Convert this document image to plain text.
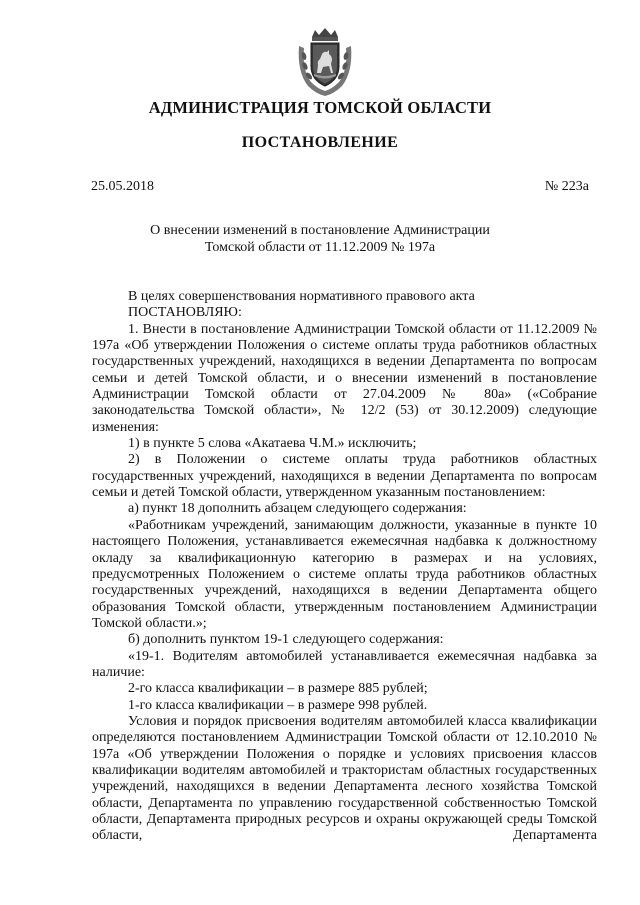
АДМИНИСТРАЦИЯ ТОМСКОЙ ОБЛАСТИ
ПОСТАНОВЛЕНИЕ
25.05.2018	№ 223а
О внесении изменений в постановление Администрации
Томской области от 11.12.2009 № 197а

В целях совершенствования нормативного правового акта

ПОСТАНОВЛЯЮ:

1. Внести в постановление Администрации Томской области от 11.12.2009 № 197а «Об утверждении Положения о системе оплаты труда работников областных государственных учреждений, находящихся в ведении Департамента по вопросам семьи и детей Томской области, и о внесении изменений в постановление Администрации Томской области от 27.04.2009 № 80а» («Собрание законодательства Томской области», № 12/2 (53) от 30.12.2009) следующие изменения:

1) в пункте 5 слова «Акатаева Ч.М.» исключить;

2) в Положении о системе оплаты труда работников областных государственных учреждений, находящихся в ведении Департамента по вопросам семьи и детей Томской области, утвержденном указанным постановлением:

а) пункт 18 дополнить абзацем следующего содержания:

«Работникам учреждений, занимающим должности, указанные в пункте 10 настоящего Положения, устанавливается ежемесячная надбавка к должностному окладу за квалификационную категорию в размерах и на условиях, предусмотренных Положением о системе оплаты труда работников областных государственных учреждений, находящихся в ведении Департамента общего образования Томской области, утвержденным постановлением Администрации Томской области.»;

б) дополнить пунктом 19-1 следующего содержания:

«19-1. Водителям автомобилей устанавливается ежемесячная надбавка за наличие:

2-го класса квалификации – в размере 885 рублей;

1-го класса квалификации – в размере 998 рублей.

Условия и порядок присвоения водителям автомобилей класса квалификации определяются постановлением Администрации Томской области от 12.10.2010 № 197а «Об утверждении Положения о порядке и условиях присвоения классов квалификации водителям автомобилей и трактористам областных государственных учреждений, находящихся в ведении Департамента лесного хозяйства Томской области, Департамента по управлению государственной собственностью Томской области, Департамента природных ресурсов и охраны окружающей среды Томской области, Департамента
